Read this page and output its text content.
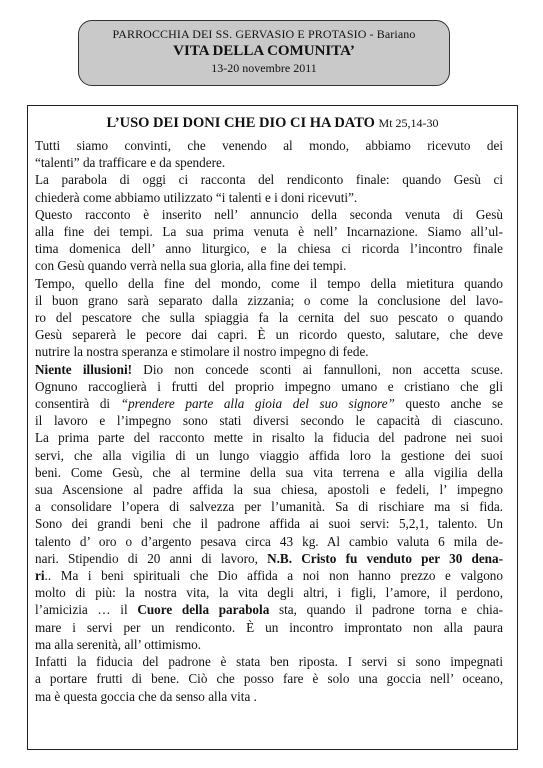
PARROCCHIA DEI SS. GERVASIO E PROTASIO - Bariano
VITA DELLA COMUNITA’
13-20 novembre 2011
L’USO DEI DONI CHE DIO CI HA DATO Mt 25,14-30
Tutti siamo convinti, che venendo al mondo, abbiamo ricevuto dei
“talenti” da trafficare e da spendere.
La parabola di oggi ci racconta del rendiconto finale: quando Gesù ci
chiederà come abbiamo utilizzato “i talenti e i doni ricevuti”.
Questo racconto è inserito nell’ annuncio della seconda venuta di Gesù
alla fine dei tempi. La sua prima venuta è nell’ Incarnazione. Siamo all’ul-
tima domenica dell’ anno liturgico, e la chiesa ci ricorda l’incontro finale
con Gesù quando verrà nella sua gloria, alla fine dei tempi.
Tempo, quello della fine del mondo, come il tempo della mietitura quando
il buon grano sarà separato dalla zizzania; o come la conclusione del lavo-
ro del pescatore che sulla spiaggia fa la cernita del suo pescato o quando
Gesù separerà le pecore dai capri. È un ricordo questo, salutare, che deve
nutrire la nostra speranza e stimolare il nostro impegno di fede.
Niente illusioni! Dio non concede sconti ai fannulloni, non accetta scuse.
Ognuno raccoglierà i frutti del proprio impegno umano e cristiano che gli
consentirà di “prendere parte alla gioia del suo signore” questo anche se
il lavoro e l’impegno sono stati diversi secondo le capacità di ciascuno.
La prima parte del racconto mette in risalto la fiducia del padrone nei suoi
servi, che alla vigilia di un lungo viaggio affida loro la gestione dei suoi
beni. Come Gesù, che al termine della sua vita terrena e alla vigilia della
sua Ascensione al padre affida la sua chiesa, apostoli e fedeli, l’ impegno
a consolidare l’opera di salvezza per l’umanità. Sa di rischiare ma si fida.
Sono dei grandi beni che il padrone affida ai suoi servi: 5,2,1, talento. Un
talento d’ oro o d’argento pesava circa 43 kg. Al cambio valuta 6 mila de-
nari. Stipendio di 20 anni di lavoro, N.B. Cristo fu venduto per 30 dena-
ri.. Ma i beni spirituali che Dio affida a noi non hanno prezzo e valgono
molto di più: la nostra vita, la vita degli altri, i figli, l’amore, il perdono,
l’amicizia … il Cuore della parabola sta, quando il padrone torna e chia-
mare i servi per un rendiconto. È un incontro improntato non alla paura
ma alla serenità, all’ ottimismo.
Infatti la fiducia del padrone è stata ben riposta. I servi si sono impegnati
a portare frutti di bene. Ciò che posso fare è solo una goccia nell’ oceano,
ma è questa goccia che da senso alla vita .
